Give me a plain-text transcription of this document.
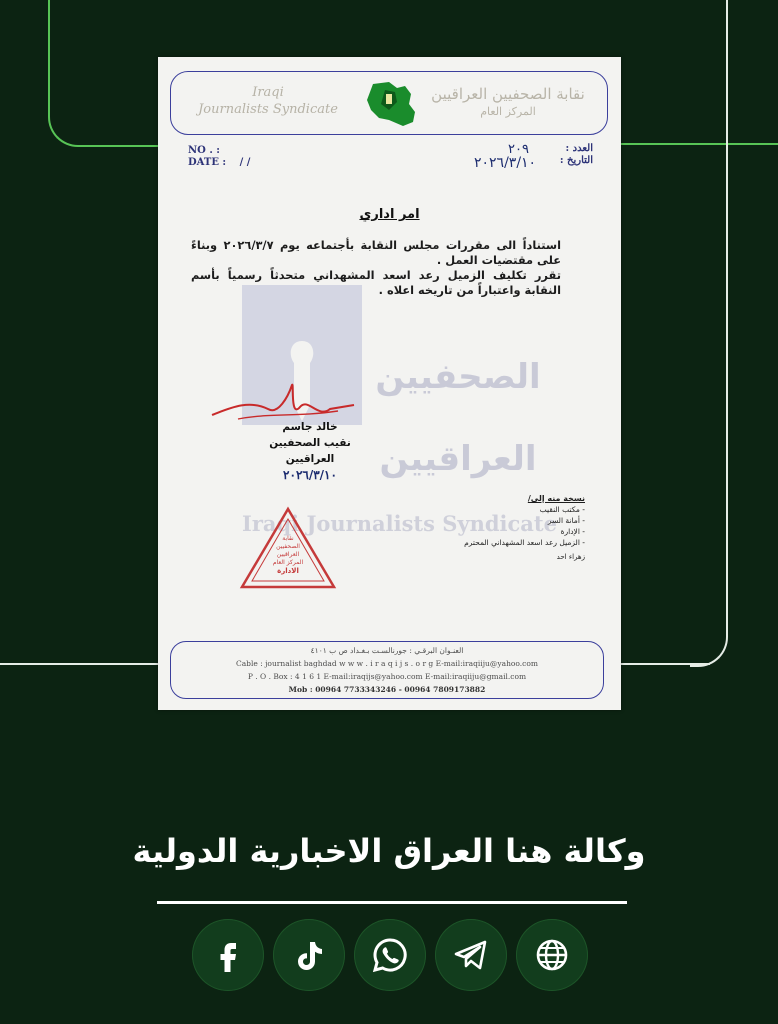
Iraqi
Journalists Syndicate
نقابة الصحفيين العراقيين
المركز العام
NO . :
DATE : / /
العدد :
التاريخ :
٢٠٩
٢٠٢٦/٣/١٠
الصحفيين
العراقيين
Iraqi Journalists Syndicate
امر اداري
استناداً الى مقررات مجلس النقابة بأجتماعه يوم ٢٠٢٦/٣/٧ وبناءً على مقتضيات العمل .
تقرر تكليف الزميل رعد اسعد المشهداني متحدثاً رسمياً بأسم النقابة واعتباراً من تاريخه اعلاه .
خالد جاسم
نقيب الصحفيين العراقيين
٢٠٢٦/٣/١٠
نسخة منه إلى/
- مكتب النقيب
- أمانة السر
- الإدارة
- الزميل رعد اسعد المشهداني المحترم
زهراء احد
نقابة
الصحفيين
العراقيين
المركز العام
الادارة
العنـوان البرقـي : جورنالسـت بـغـداد ص ب ٤١٠١
Cable : journalist baghdad w w w . i r a q i j s . o r g E-mail:iraqiiju@yahoo.com
P . O . Box : 4 1 6 1 E-mail:iraqijs@yahoo.com E-mail:iraqiiju@gmail.com
Mob : 00964 7733343246 - 00964 7809173882
وكالة هنا العراق الاخبارية الدولية
